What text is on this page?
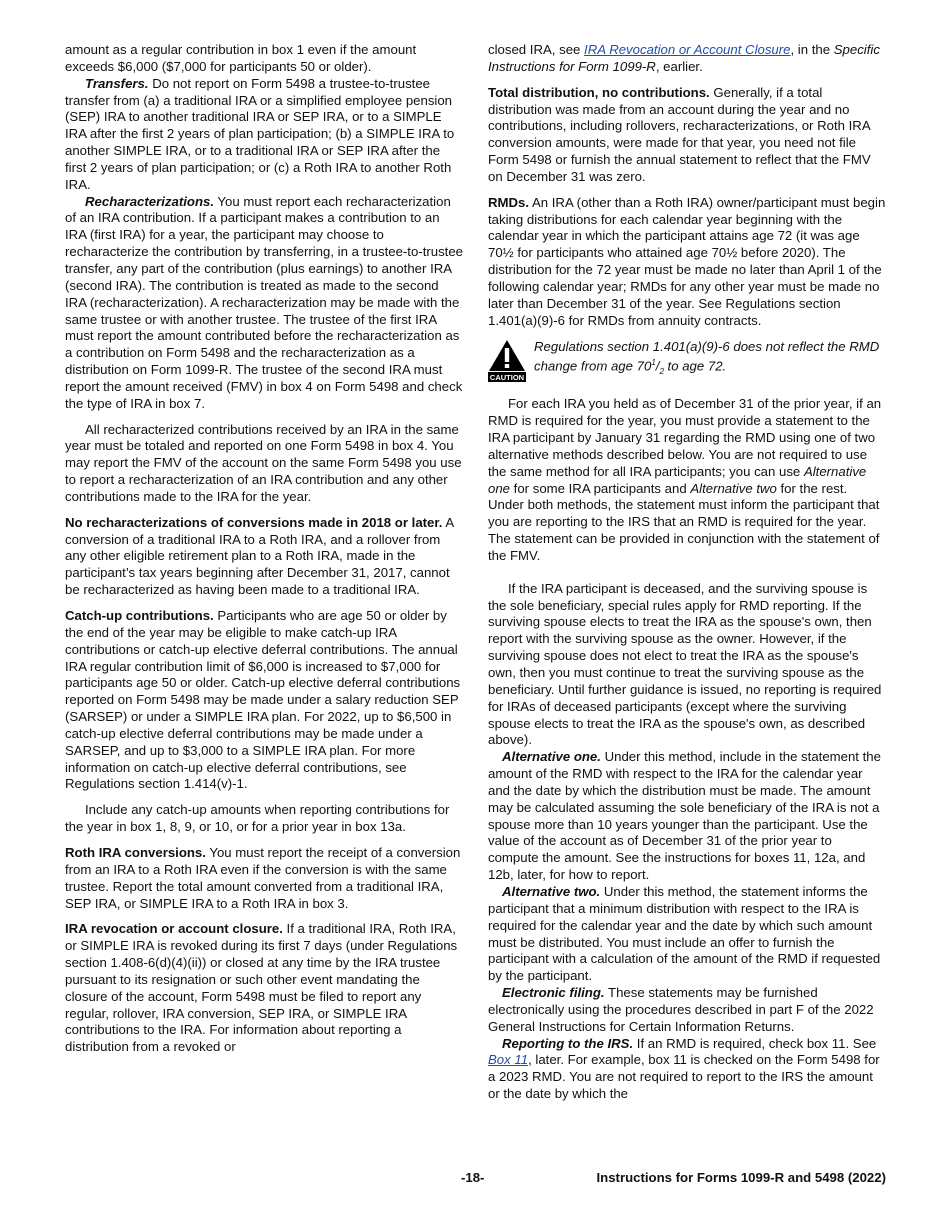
amount as a regular contribution in box 1 even if the amount exceeds $6,000 ($7,000 for participants 50 or older).

Transfers. Do not report on Form 5498 a trustee-to-trustee transfer from (a) a traditional IRA or a simplified employee pension (SEP) IRA to another traditional IRA or SEP IRA, or to a SIMPLE IRA after the first 2 years of plan participation; (b) a SIMPLE IRA to another SIMPLE IRA, or to a traditional IRA or SEP IRA after the first 2 years of plan participation; or (c) a Roth IRA to another Roth IRA.

Recharacterizations. You must report each recharacterization of an IRA contribution. If a participant makes a contribution to an IRA (first IRA) for a year, the participant may choose to recharacterize the contribution by transferring, in a trustee-to-trustee transfer, any part of the contribution (plus earnings) to another IRA (second IRA). The contribution is treated as made to the second IRA (recharacterization). A recharacterization may be made with the same trustee or with another trustee. The trustee of the first IRA must report the amount contributed before the recharacterization as a contribution on Form 5498 and the recharacterization as a distribution on Form 1099-R. The trustee of the second IRA must report the amount received (FMV) in box 4 on Form 5498 and check the type of IRA in box 7.

All recharacterized contributions received by an IRA in the same year must be totaled and reported on one Form 5498 in box 4. You may report the FMV of the account on the same Form 5498 you use to report a recharacterization of an IRA contribution and any other contributions made to the IRA for the year.

No recharacterizations of conversions made in 2018 or later. A conversion of a traditional IRA to a Roth IRA, and a rollover from any other eligible retirement plan to a Roth IRA, made in the participant’s tax years beginning after December 31, 2017, cannot be recharacterized as having been made to a traditional IRA.

Catch-up contributions. Participants who are age 50 or older by the end of the year may be eligible to make catch-up IRA contributions or catch-up elective deferral contributions. The annual IRA regular contribution limit of $6,000 is increased to $7,000 for participants age 50 or older. Catch-up elective deferral contributions reported on Form 5498 may be made under a salary reduction SEP (SARSEP) or under a SIMPLE IRA plan. For 2022, up to $6,500 in catch-up elective deferral contributions may be made under a SARSEP, and up to $3,000 to a SIMPLE IRA plan. For more information on catch-up elective deferral contributions, see Regulations section 1.414(v)-1.

Include any catch-up amounts when reporting contributions for the year in box 1, 8, 9, or 10, or for a prior year in box 13a.

Roth IRA conversions. You must report the receipt of a conversion from an IRA to a Roth IRA even if the conversion is with the same trustee. Report the total amount converted from a traditional IRA, SEP IRA, or SIMPLE IRA to a Roth IRA in box 3.

IRA revocation or account closure. If a traditional IRA, Roth IRA, or SIMPLE IRA is revoked during its first 7 days (under Regulations section 1.408-6(d)(4)(ii)) or closed at any time by the IRA trustee pursuant to its resignation or such other event mandating the closure of the account, Form 5498 must be filed to report any regular, rollover, IRA conversion, SEP IRA, or SIMPLE IRA contributions to the IRA. For information about reporting a distribution from a revoked or

closed IRA, see IRA Revocation or Account Closure, in the Specific Instructions for Form 1099-R, earlier.

Total distribution, no contributions. Generally, if a total distribution was made from an account during the year and no contributions, including rollovers, recharacterizations, or Roth IRA conversion amounts, were made for that year, you need not file Form 5498 or furnish the annual statement to reflect that the FMV on December 31 was zero.

RMDs. An IRA (other than a Roth IRA) owner/participant must begin taking distributions for each calendar year beginning with the calendar year in which the participant attains age 72 (it was age 70½ for participants who attained age 70½ before 2020). The distribution for the 72 year must be made no later than April 1 of the following calendar year; RMDs for any other year must be made no later than December 31 of the year. See Regulations section 1.401(a)(9)-6 for RMDs from annuity contracts.

CAUTION
Regulations section 1.401(a)(9)-6 does not reflect the RMD change from age $70^1/_2$ to age 72.

For each IRA you held as of December 31 of the prior year, if an RMD is required for the year, you must provide a statement to the IRA participant by January 31 regarding the RMD using one of two alternative methods described below. You are not required to use the same method for all IRA participants; you can use Alternative one for some IRA participants and Alternative two for the rest. Under both methods, the statement must inform the participant that you are reporting to the IRS that an RMD is required for the year. The statement can be provided in conjunction with the statement of the FMV.

If the IRA participant is deceased, and the surviving spouse is the sole beneficiary, special rules apply for RMD reporting. If the surviving spouse elects to treat the IRA as the spouse's own, then report with the surviving spouse as the owner. However, if the surviving spouse does not elect to treat the IRA as the spouse's own, then you must continue to treat the surviving spouse as the beneficiary. Until further guidance is issued, no reporting is required for IRAs of deceased participants (except where the surviving spouse elects to treat the IRA as the spouse's own, as described above).

Alternative one. Under this method, include in the statement the amount of the RMD with respect to the IRA for the calendar year and the date by which the distribution must be made. The amount may be calculated assuming the sole beneficiary of the IRA is not a spouse more than 10 years younger than the participant. Use the value of the account as of December 31 of the prior year to compute the amount. See the instructions for boxes 11, 12a, and 12b, later, for how to report.

Alternative two. Under this method, the statement informs the participant that a minimum distribution with respect to the IRA is required for the calendar year and the date by which such amount must be distributed. You must include an offer to furnish the participant with a calculation of the amount of the RMD if requested by the participant.

Electronic filing. These statements may be furnished electronically using the procedures described in part F of the 2022 General Instructions for Certain Information Returns.

Reporting to the IRS. If an RMD is required, check box 11. See Box 11, later. For example, box 11 is checked on the Form 5498 for a 2023 RMD. You are not required to report to the IRS the amount or the date by which the

-18-	Instructions for Forms 1099-R and 5498 (2022)
